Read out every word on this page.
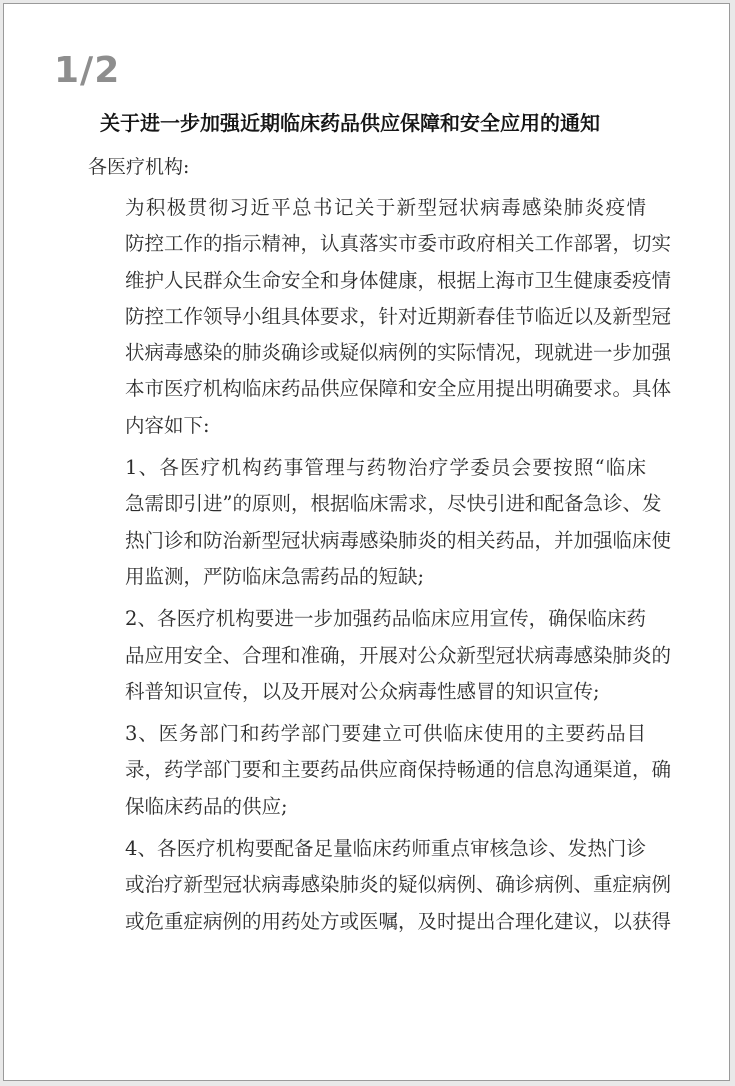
1/2
关于进一步加强近期临床药品供应保障和安全应用的通知
各医疗机构:

为积极贯彻习近平总书记关于新型冠状病毒感染肺炎疫情
防控工作的指示精神，认真落实市委市政府相关工作部署，切实
维护人民群众生命安全和身体健康，根据上海市卫生健康委疫情
防控工作领导小组具体要求，针对近期新春佳节临近以及新型冠
状病毒感染的肺炎确诊或疑似病例的实际情况，现就进一步加强
本市医疗机构临床药品供应保障和安全应用提出明确要求。具体
内容如下:

1、各医疗机构药事管理与药物治疗学委员会要按照“临床
急需即引进”的原则，根据临床需求，尽快引进和配备急诊、发
热门诊和防治新型冠状病毒感染肺炎的相关药品，并加强临床使
用监测，严防临床急需药品的短缺;

2、各医疗机构要进一步加强药品临床应用宣传，确保临床药
品应用安全、合理和准确，开展对公众新型冠状病毒感染肺炎的
科普知识宣传，以及开展对公众病毒性感冒的知识宣传;

3、医务部门和药学部门要建立可供临床使用的主要药品目
录，药学部门要和主要药品供应商保持畅通的信息沟通渠道，确
保临床药品的供应;

4、各医疗机构要配备足量临床药师重点审核急诊、发热门诊
或治疗新型冠状病毒感染肺炎的疑似病例、确诊病例、重症病例
或危重症病例的用药处方或医嘱，及时提出合理化建议，以获得
